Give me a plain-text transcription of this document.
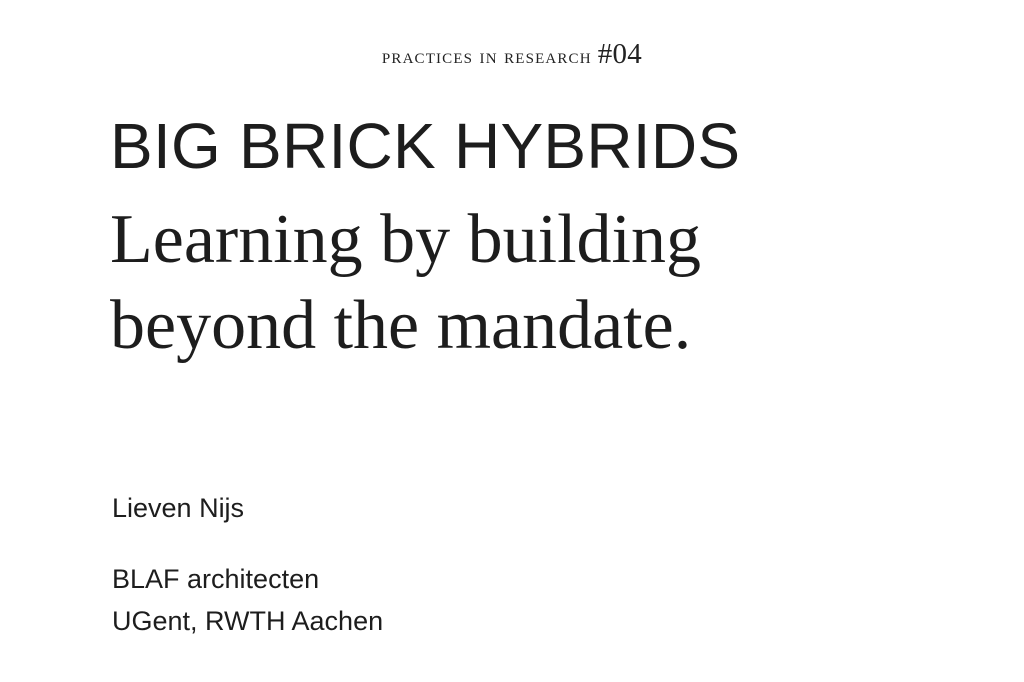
practices in research #04
BIG BRICK HYBRIDS
Learning by building beyond the mandate.

Lieven Nijs

BLAF architecten

UGent, RWTH Aachen
